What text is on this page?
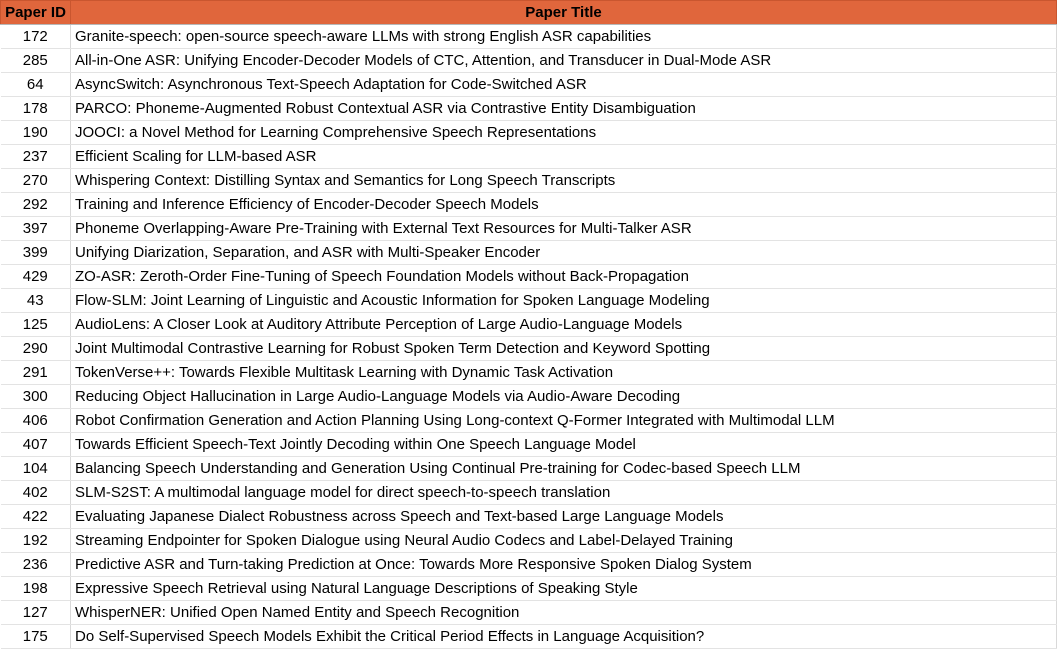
Paper ID	Paper Title
172	Granite-speech: open-source speech-aware LLMs with strong English ASR capabilities
285	All-in-One ASR: Unifying Encoder-Decoder Models of CTC, Attention, and Transducer in Dual-Mode ASR
64	AsyncSwitch: Asynchronous Text-Speech Adaptation for Code-Switched ASR
178	PARCO: Phoneme-Augmented Robust Contextual ASR via Contrastive Entity Disambiguation
190	JOOCI: a Novel Method for Learning Comprehensive Speech Representations
237	Efficient Scaling for LLM-based ASR
270	Whispering Context: Distilling Syntax and Semantics for Long Speech Transcripts
292	Training and Inference Efficiency of Encoder-Decoder Speech Models
397	Phoneme Overlapping-Aware Pre-Training with External Text Resources for Multi-Talker ASR
399	Unifying Diarization, Separation, and ASR with Multi-Speaker Encoder
429	ZO-ASR: Zeroth-Order Fine-Tuning of Speech Foundation Models without Back-Propagation
43	Flow-SLM: Joint Learning of Linguistic and Acoustic Information for Spoken Language Modeling
125	AudioLens: A Closer Look at Auditory Attribute Perception of Large Audio-Language Models
290	Joint Multimodal Contrastive Learning for Robust Spoken Term Detection and Keyword Spotting
291	TokenVerse++: Towards Flexible Multitask Learning with Dynamic Task Activation
300	Reducing Object Hallucination in Large Audio-Language Models via Audio-Aware Decoding
406	Robot Confirmation Generation and Action Planning Using Long-context Q-Former Integrated with Multimodal LLM
407	Towards Efficient Speech-Text Jointly Decoding within One Speech Language Model
104	Balancing Speech Understanding and Generation Using Continual Pre-training for Codec-based Speech LLM
402	SLM-S2ST: A multimodal language model for direct speech-to-speech translation
422	Evaluating Japanese Dialect Robustness across Speech and Text-based Large Language Models
192	Streaming Endpointer for Spoken Dialogue using Neural Audio Codecs and Label-Delayed Training
236	Predictive ASR and Turn-taking Prediction at Once: Towards More Responsive Spoken Dialog System
198	Expressive Speech Retrieval using Natural Language Descriptions of Speaking Style
127	WhisperNER: Unified Open Named Entity and Speech Recognition
175	Do Self-Supervised Speech Models Exhibit the Critical Period Effects in Language Acquisition?
